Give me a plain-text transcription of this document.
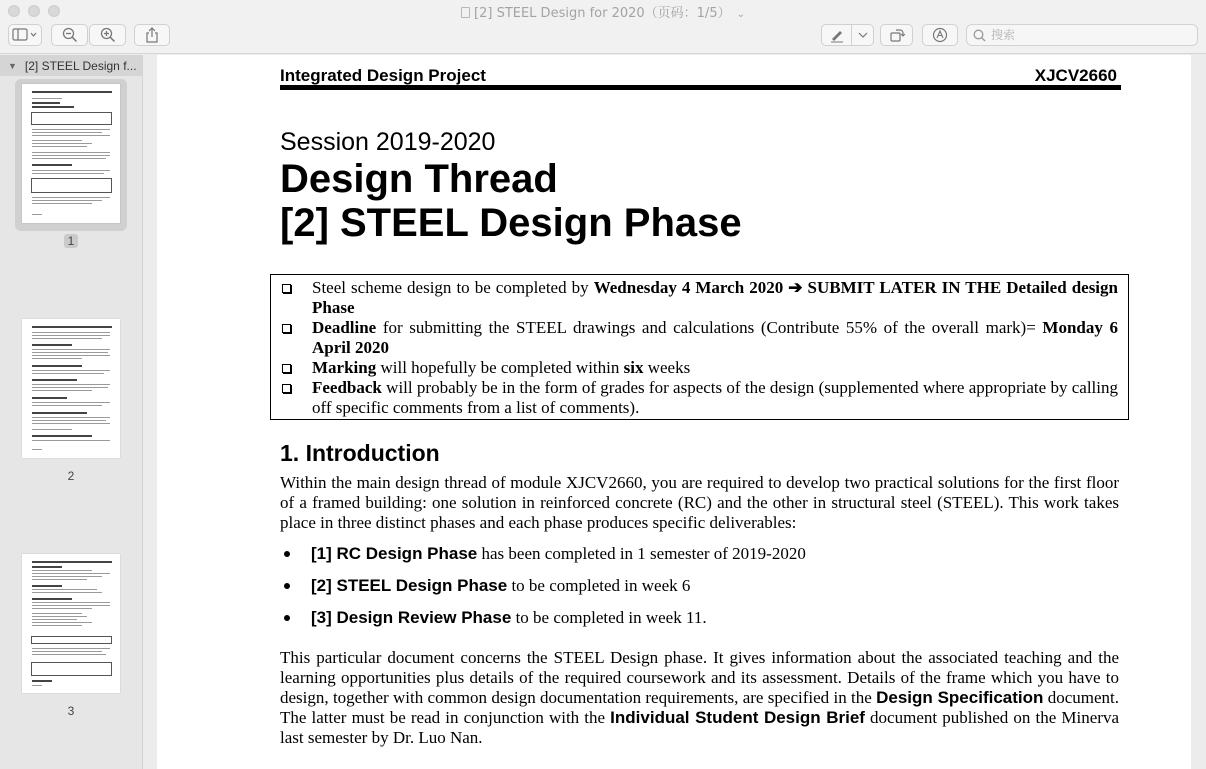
[2] STEEL Design for 2020（页码：1/5） ⌄
搜索
▼ [2] STEEL Design f...
1
2
3
Integrated Design Project	XJCV2660
Session 2019-2020
Design Thread
[2] STEEL Design Phase
Steel scheme design to be completed by Wednesday 4 March 2020 ➔ SUBMIT LATER IN THE Detailed design Phase
Deadline for submitting the STEEL drawings and calculations (Contribute 55% of the overall mark)= Monday 6 April 2020
Marking will hopefully be completed within six weeks
Feedback will probably be in the form of grades for aspects of the design (supplemented where appropriate by calling off specific comments from a list of comments).
1. Introduction
Within the main design thread of module XJCV2660, you are required to develop two practical solutions for the first floor of a framed building: one solution in reinforced concrete (RC) and the other in structural steel (STEEL). This work takes place in three distinct phases and each phase produces specific deliverables:
[1] RC Design Phase has been completed in 1 semester of 2019-2020
[2] STEEL Design Phase to be completed in week 6
[3] Design Review Phase to be completed in week 11.
This particular document concerns the STEEL Design phase. It gives information about the associated teaching and the learning opportunities plus details of the required coursework and its assessment. Details of the frame which you have to design, together with common design documentation requirements, are specified in the Design Specification document. The latter must be read in conjunction with the Individual Student Design Brief document published on the Minerva last semester by Dr. Luo Nan.
